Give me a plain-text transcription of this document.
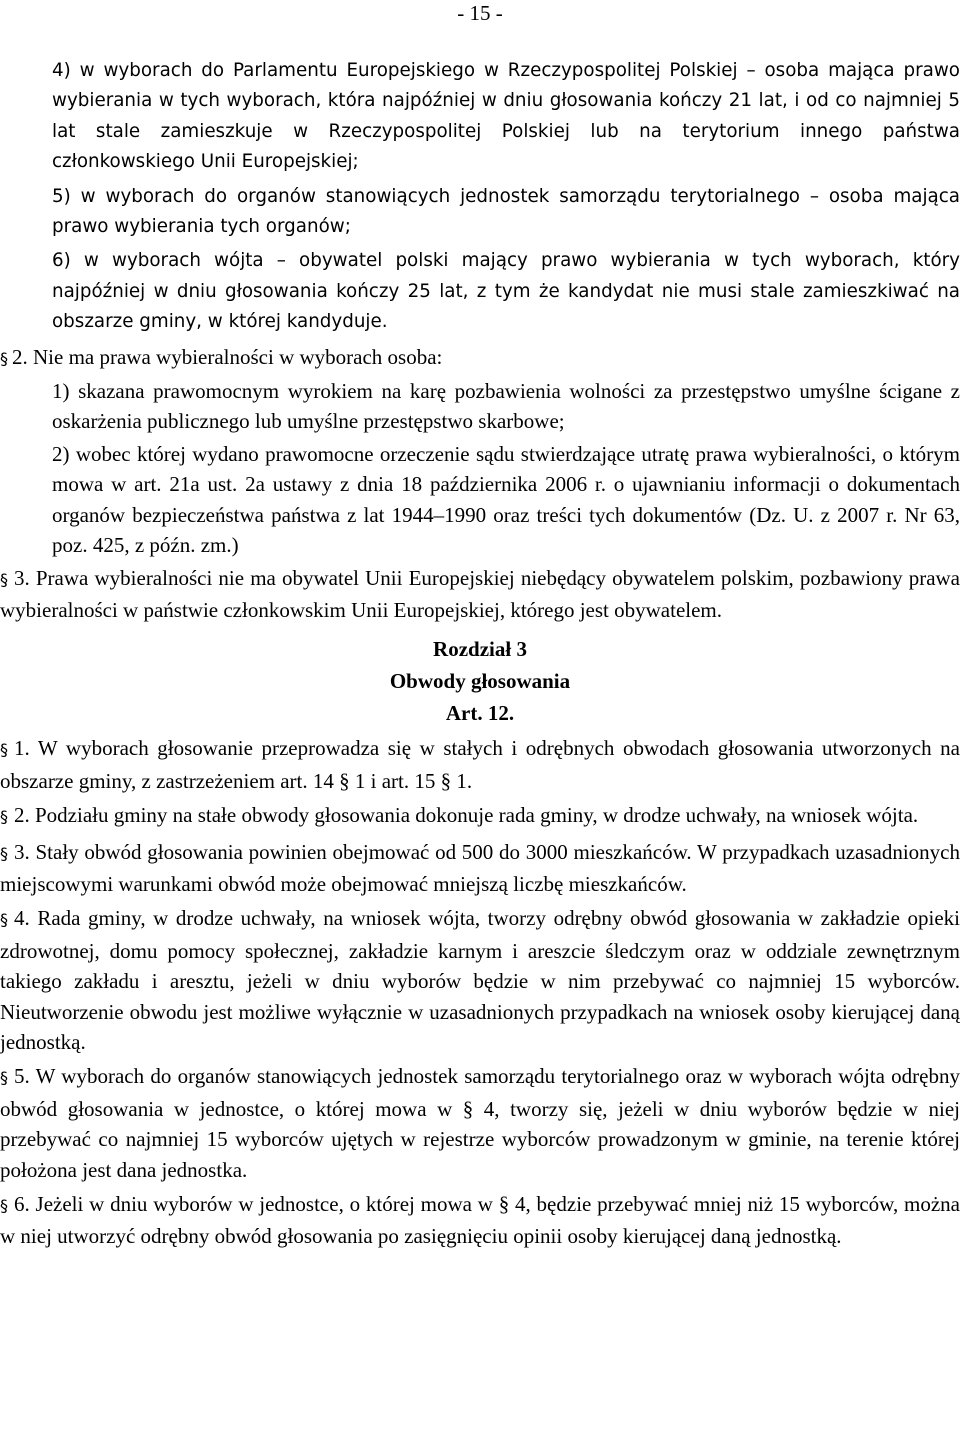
- 15 -

4) w wyborach do Parlamentu Europejskiego w Rzeczypospolitej Polskiej – osoba mająca prawo wybierania w tych wyborach, która najpóźniej w dniu głosowania kończy 21 lat, i od co najmniej 5 lat stale zamieszkuje w Rzeczypospolitej Polskiej lub na terytorium innego państwa członkowskiego Unii Europejskiej;

5) w wyborach do organów stanowiących jednostek samorządu terytorialnego – osoba mająca prawo wybierania tych organów;

6) w wyborach wójta – obywatel polski mający prawo wybierania w tych wyborach, który najpóźniej w dniu głosowania kończy 25 lat, z tym że kandydat nie musi stale zamieszkiwać na obszarze gminy, w której kandyduje.

§ 2. Nie ma prawa wybieralności w wyborach osoba:

1) skazana prawomocnym wyrokiem na karę pozbawienia wolności za przestępstwo umyślne ścigane z oskarżenia publicznego lub umyślne przestępstwo skarbowe;

2) wobec której wydano prawomocne orzeczenie sądu stwierdzające utratę prawa wybieralności, o którym mowa w art. 21a ust. 2a ustawy z dnia 18 października 2006 r. o ujawnianiu informacji o dokumentach organów bezpieczeństwa państwa z lat 1944–1990 oraz treści tych dokumentów (Dz. U. z 2007 r. Nr 63, poz. 425, z późn. zm.)

§ 3. Prawa wybieralności nie ma obywatel Unii Europejskiej niebędący obywatelem polskim, pozbawiony prawa wybieralności w państwie członkowskim Unii Europejskiej, którego jest obywatelem.

Rozdział 3

Obwody głosowania

Art. 12.

§ 1. W wyborach głosowanie przeprowadza się w stałych i odrębnych obwodach głosowania utworzonych na obszarze gminy, z zastrzeżeniem art. 14 § 1 i art. 15 § 1.

§ 2. Podziału gminy na stałe obwody głosowania dokonuje rada gminy, w drodze uchwały, na wniosek wójta.

§ 3. Stały obwód głosowania powinien obejmować od 500 do 3000 mieszkańców. W przypadkach uzasadnionych miejscowymi warunkami obwód może obejmować mniejszą liczbę mieszkańców.

§ 4. Rada gminy, w drodze uchwały, na wniosek wójta, tworzy odrębny obwód głosowania w zakładzie opieki zdrowotnej, domu pomocy społecznej, zakładzie karnym i areszcie śledczym oraz w oddziale zewnętrznym takiego zakładu i aresztu, jeżeli w dniu wyborów będzie w nim przebywać co najmniej 15 wyborców. Nieutworzenie obwodu jest możliwe wyłącznie w uzasadnionych przypadkach na wniosek osoby kierującej daną jednostką.

§ 5. W wyborach do organów stanowiących jednostek samorządu terytorialnego oraz w wyborach wójta odrębny obwód głosowania w jednostce, o której mowa w § 4, tworzy się, jeżeli w dniu wyborów będzie w niej przebywać co najmniej 15 wyborców ujętych w rejestrze wyborców prowadzonym w gminie, na terenie której położona jest dana jednostka.

§ 6. Jeżeli w dniu wyborów w jednostce, o której mowa w § 4, będzie przebywać mniej niż 15 wyborców, można w niej utworzyć odrębny obwód głosowania po zasięgnięciu opinii osoby kierującej daną jednostką.
